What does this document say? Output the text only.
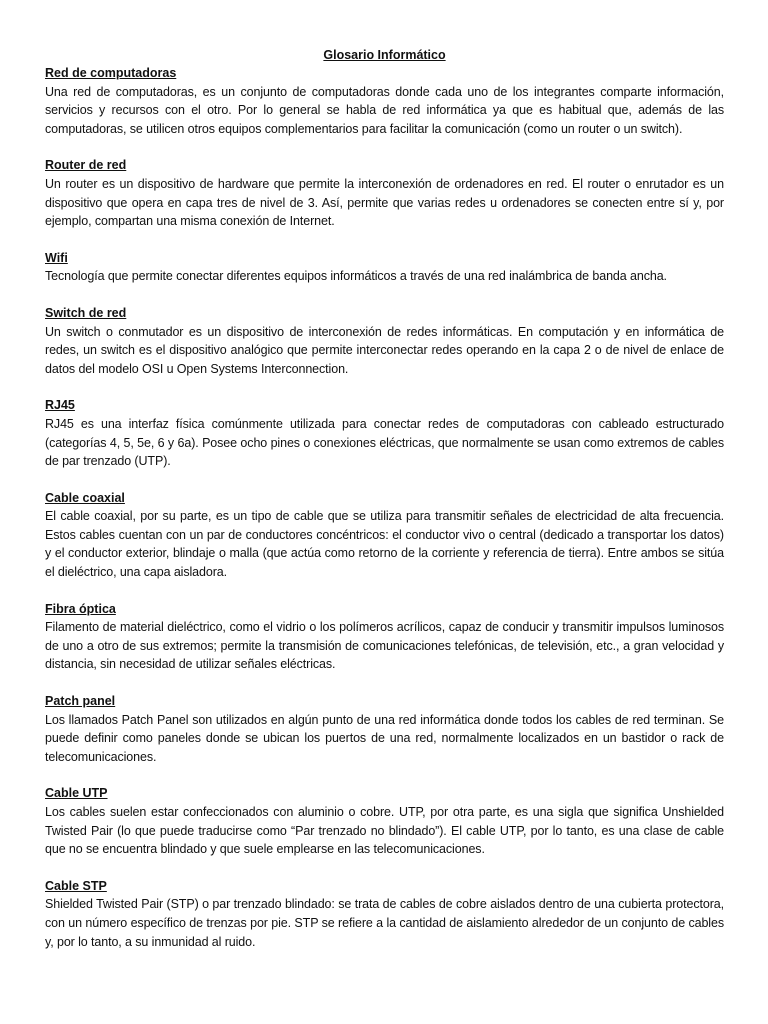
Glosario Informático

Red de computadoras

Una red de computadoras, es un conjunto de computadoras donde cada uno de los integrantes comparte información, servicios y recursos con el otro. Por lo general se habla de red informática ya que es habitual que, además de las computadoras, se utilicen otros equipos complementarios para facilitar la comunicación (como un router o un switch).

Router de red

Un router es un dispositivo de hardware que permite la interconexión de ordenadores en red. El router o enrutador es un dispositivo que opera en capa tres de nivel de 3. Así, permite que varias redes u ordenadores se conecten entre sí y, por ejemplo, compartan una misma conexión de Internet.

Wifi

Tecnología que permite conectar diferentes equipos informáticos a través de una red inalámbrica de banda ancha.

Switch de red

Un switch o conmutador es un dispositivo de interconexión de redes informáticas. En computación y en informática de redes, un switch es el dispositivo analógico que permite interconectar redes operando en la capa 2 o de nivel de enlace de datos del modelo OSI u Open Systems Interconnection.

RJ45

RJ45 es una interfaz física comúnmente utilizada para conectar redes de computadoras con cableado estructurado (categorías 4, 5, 5e, 6 y 6a). Posee ocho pines o conexiones eléctricas, que normalmente se usan como extremos de cables de par trenzado (UTP).

Cable coaxial

El cable coaxial, por su parte, es un tipo de cable que se utiliza para transmitir señales de electricidad de alta frecuencia. Estos cables cuentan con un par de conductores concéntricos: el conductor vivo o central (dedicado a transportar los datos) y el conductor exterior, blindaje o malla (que actúa como retorno de la corriente y referencia de tierra). Entre ambos se sitúa el dieléctrico, una capa aisladora.

Fibra óptica

Filamento de material dieléctrico, como el vidrio o los polímeros acrílicos, capaz de conducir y transmitir impulsos luminosos de uno a otro de sus extremos; permite la transmisión de comunicaciones telefónicas, de televisión, etc., a gran velocidad y distancia, sin necesidad de utilizar señales eléctricas.

Patch panel

Los llamados Patch Panel son utilizados en algún punto de una red informática donde todos los cables de red terminan. Se puede definir como paneles donde se ubican los puertos de una red, normalmente localizados en un bastidor o rack de telecomunicaciones.

Cable UTP

Los cables suelen estar confeccionados con aluminio o cobre. UTP, por otra parte, es una sigla que significa Unshielded Twisted Pair (lo que puede traducirse como “Par trenzado no blindado”). El cable UTP, por lo tanto, es una clase de cable que no se encuentra blindado y que suele emplearse en las telecomunicaciones.

Cable STP

Shielded Twisted Pair (STP) o par trenzado blindado: se trata de cables de cobre aislados dentro de una cubierta protectora, con un número específico de trenzas por pie. STP se refiere a la cantidad de aislamiento alrededor de un conjunto de cables y, por lo tanto, a su inmunidad al ruido.
